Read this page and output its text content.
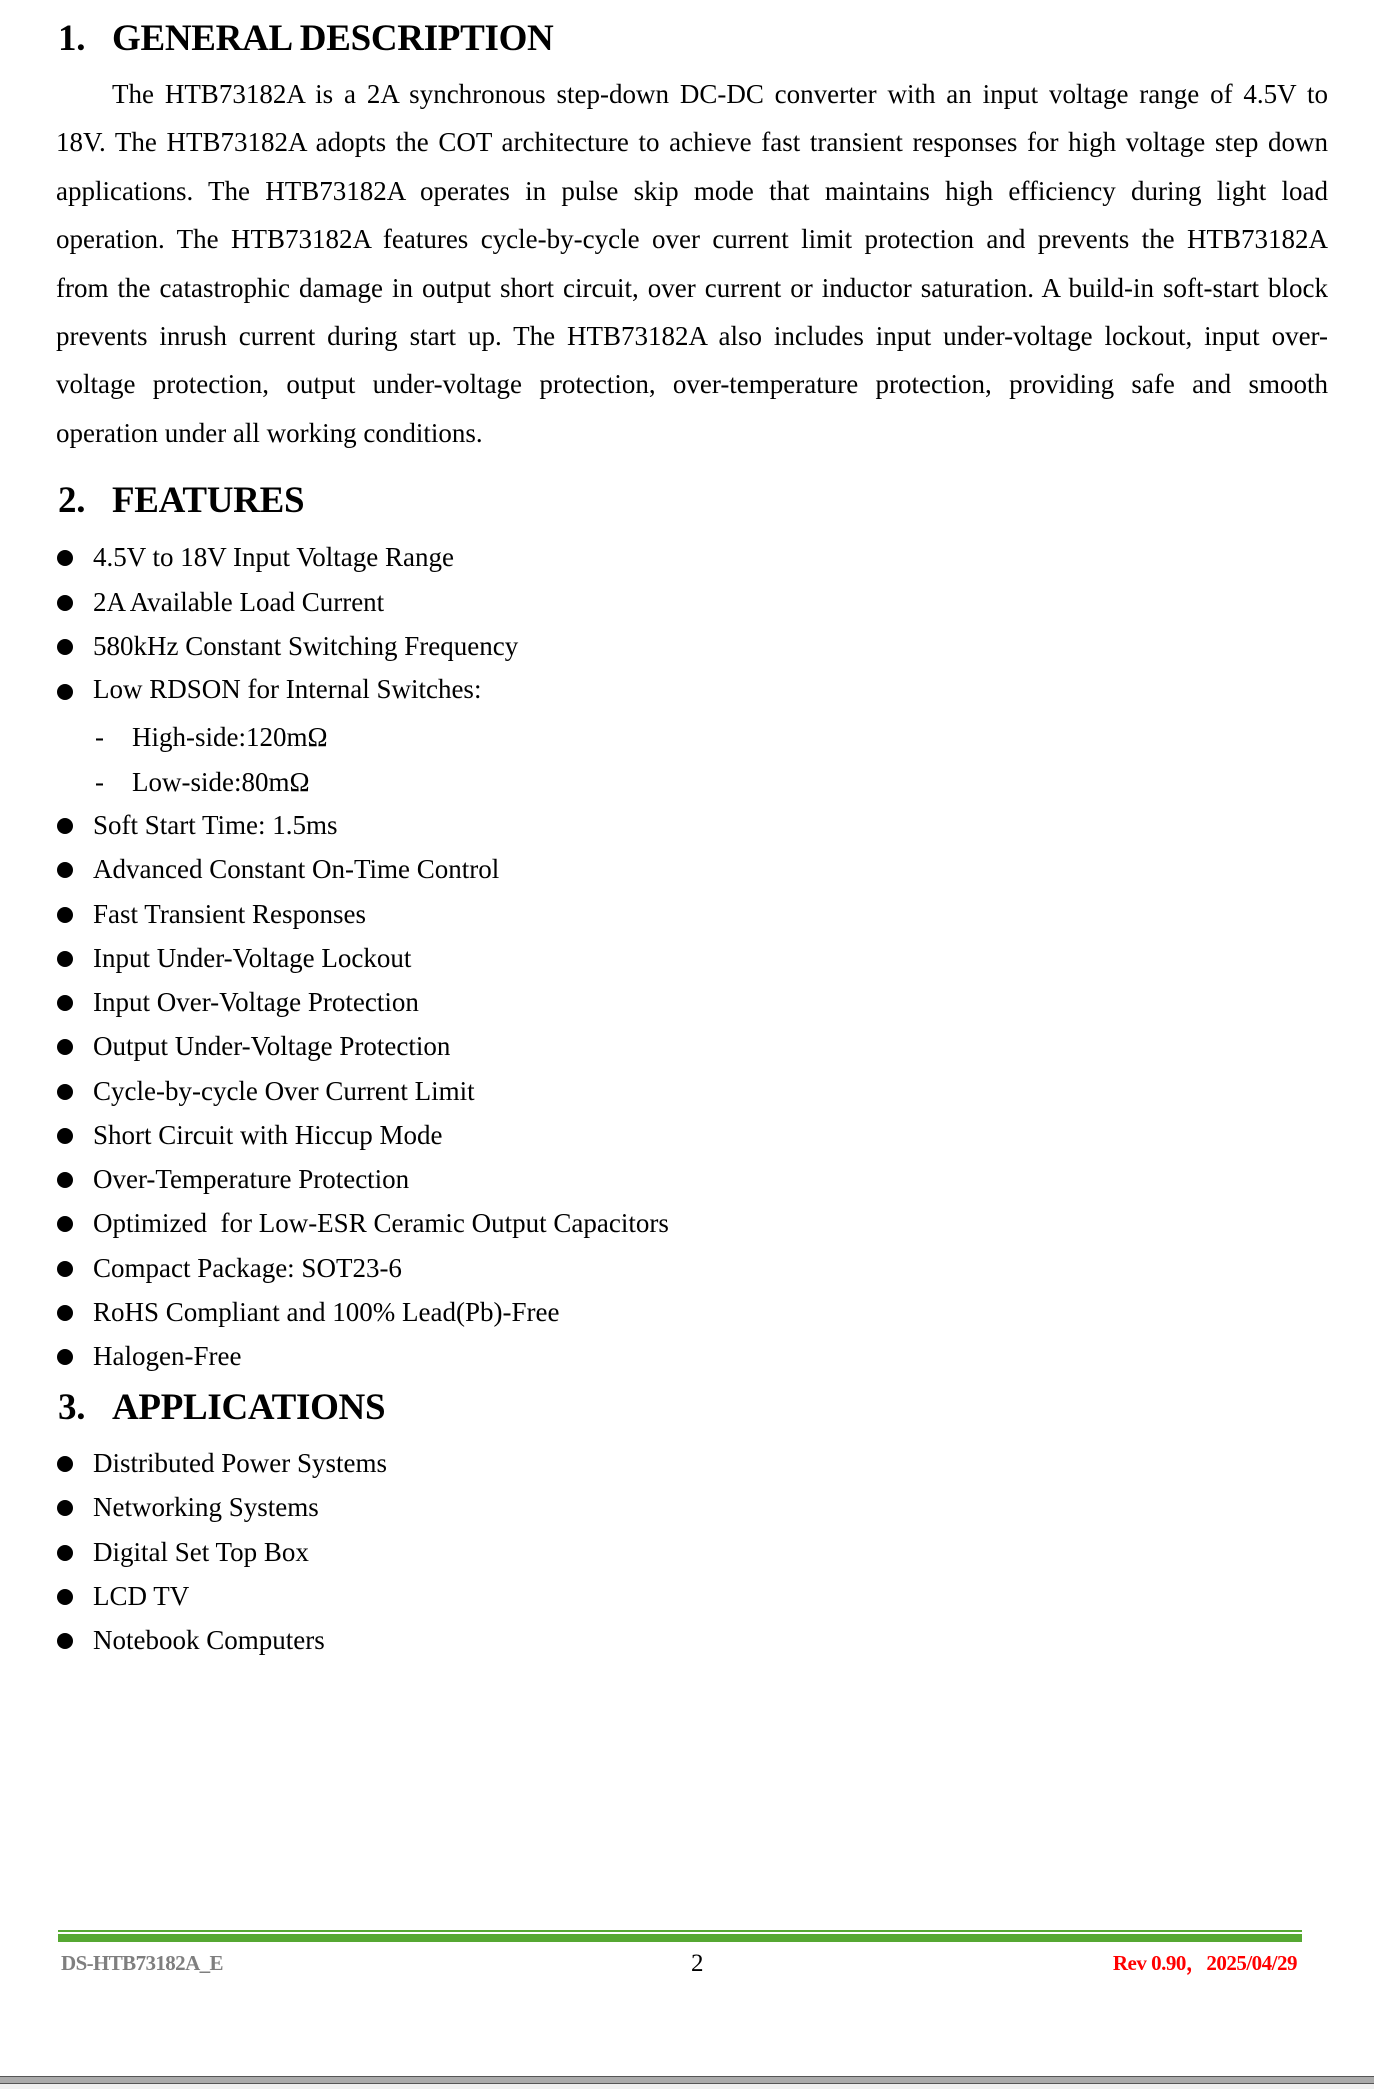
1. GENERAL DESCRIPTION
The HTB73182A is a 2A synchronous step-down DC-DC converter with an input voltage range of 4.5V to
18V. The HTB73182A adopts the COT architecture to achieve fast transient responses for high voltage step down
applications. The HTB73182A operates in pulse skip mode that maintains high efficiency during light load
operation. The HTB73182A features cycle-by-cycle over current limit protection and prevents the HTB73182A
from the catastrophic damage in output short circuit, over current or inductor saturation. A build-in soft-start block
prevents inrush current during start up. The HTB73182A also includes input under-voltage lockout, input over-
voltage protection, output under-voltage protection, over-temperature protection, providing safe and smooth
operation under all working conditions.
2. FEATURES
4.5V to 18V Input Voltage Range
2A Available Load Current
580kHz Constant Switching Frequency
Low RDSON for Internal Switches:
- High-side:120mΩ
- Low-side:80mΩ
Soft Start Time: 1.5ms
Advanced Constant On-Time Control
Fast Transient Responses
Input Under-Voltage Lockout
Input Over-Voltage Protection
Output Under-Voltage Protection
Cycle-by-cycle Over Current Limit
Short Circuit with Hiccup Mode
Over-Temperature Protection
Optimized  for Low-ESR Ceramic Output Capacitors
Compact Package: SOT23-6
RoHS Compliant and 100% Lead(Pb)-Free
Halogen-Free
3. APPLICATIONS
Distributed Power Systems
Networking Systems
Digital Set Top Box
LCD TV
Notebook Computers
DS-HTB73182A_E	2	Rev 0.90，2025/04/29
